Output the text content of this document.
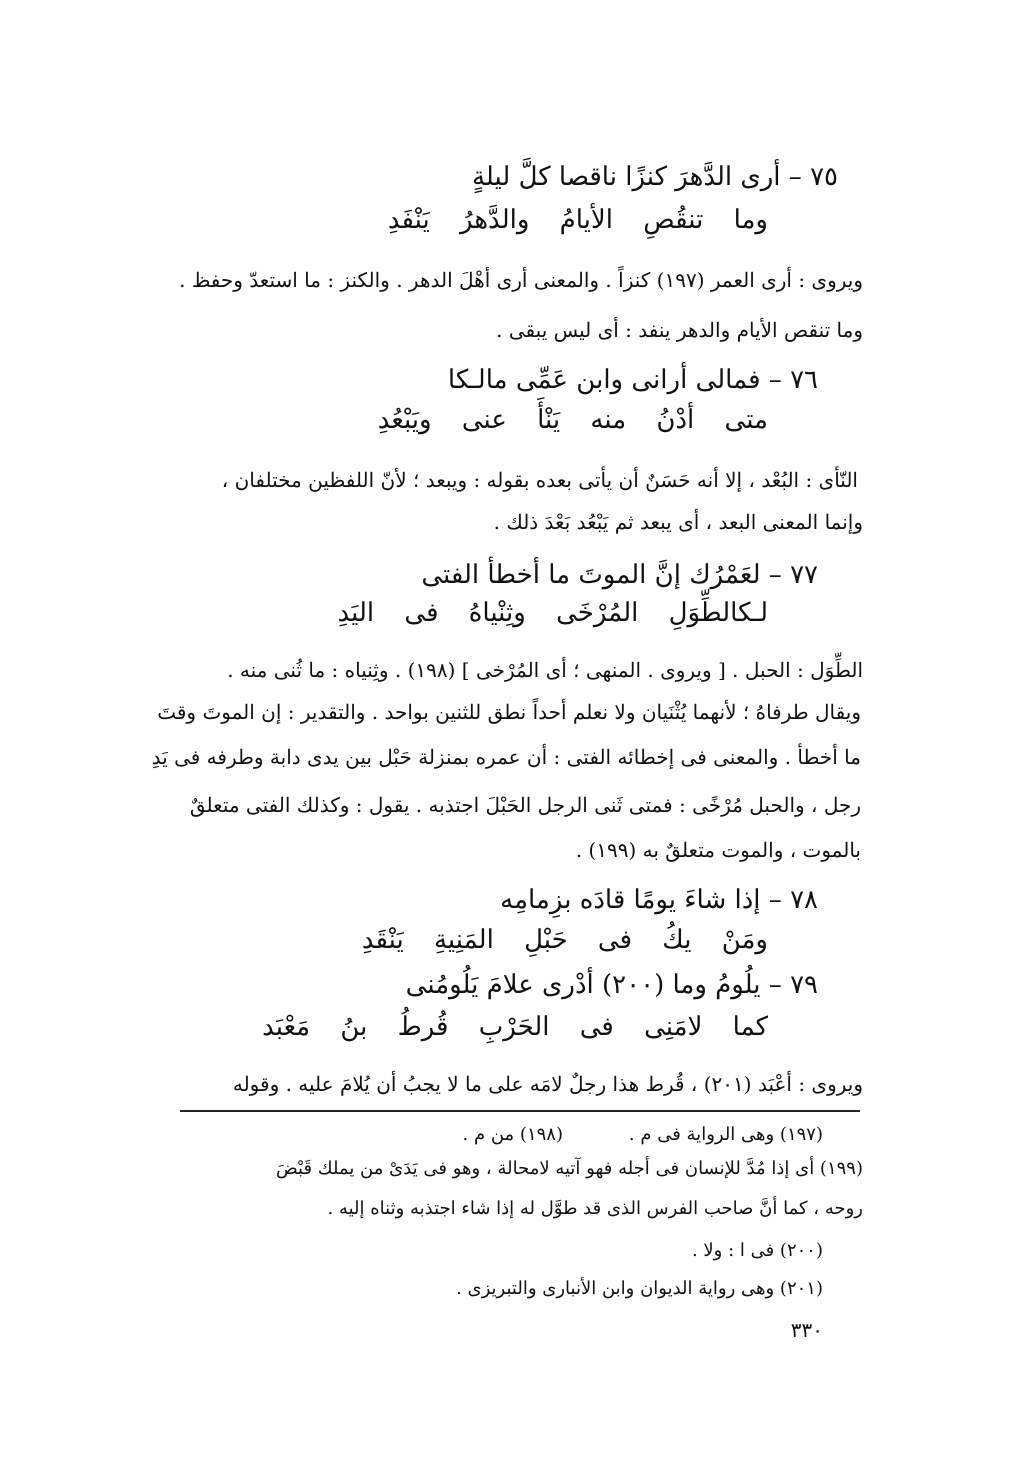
٧٥ – أرى الدَّهرَ كنزًا ناقصا كلَّ ليلةٍ
وما تنقُصِ الأيامُ والدَّهرُ يَنْفَدِ
ويروى : أرى العمر (١٩٧) كنزاً . والمعنى أرى أهْلَ الدهر . والكنز : ما استعدّ وحفظ .
وما تنقص الأيام والدهر ينفد : أى ليس يبقى .
٧٦ – فمالى أرانى وابن عَمِّى مالـكا
متى أدْنُ منه يَنْأَ عنى ويَبْعُدِ
النّأى : البُعْد ، إلا أنه حَسَنٌ أن يأتى بعده بقوله : ويبعد ؛ لأنّ اللفظين مختلفان ،
وإنما المعنى البعد ، أى يبعد ثم يَبْعُد بَعْدَ ذلك .
٧٧ – لعَمْرُك إنَّ الموتَ ما أخطأ الفتى
لـكالطِّوَلِ المُرْخَى وثِنْياهُ فى اليَدِ
الطِّوَل : الحبل . [ ويروى . المنهى ؛ أى المُرْخى ] (١٩٨) . وثِنياه : ما ثُنى منه .
ويقال طرفاهُ ؛ لأنهما يُثْنَيان ولا نعلم أحداً نطق للثنين بواحد . والتقدير : إن الموتَ وقتَ
ما أخطأ . والمعنى فى إخطائه الفتى : أن عمره بمنزلة حَبْل بين يدى دابة وطرفه فى يَدِ
رجل ، والحبل مُرْخًى : فمتى ثَنى الرجل الحَبْلَ اجتذبه . يقول : وكذلك الفتى متعلقٌ
بالموت ، والموت متعلقٌ به (١٩٩) .
٧٨ – إذا شاءَ يومًا قادَه بزِمامِه
ومَنْ يكُ فى حَبْلِ المَنِيةِ يَنْقَدِ
٧٩ – يلُومُ وما (٢٠٠) أدْرى علامَ يَلُومُنى
كما لامَنِى فى الحَرْبِ قُرطُ بنُ مَعْبَد
ويروى : أعْبَد (٢٠١) ، قُرط هذا رجلٌ لامَه على ما لا يجبُ أن يُلامَ عليه . وقوله
(١٩٧) وهى الرواية فى م .
(١٩٨) من م .
(١٩٩) أى إذا مُدَّ للإنسان فى أجله فهو آتيه لامحالة ، وهو فى يَدَىْ من يملك قَبْضَ
روحه ، كما أنَّ صاحب الفرس الذى قد طوَّل له إذا شاء اجتذبه وثناه إليه .
(٢٠٠) فى ا : ولا .
(٢٠١) وهى رواية الديوان وابن الأنبارى والتبريزى .
٣٣٠
